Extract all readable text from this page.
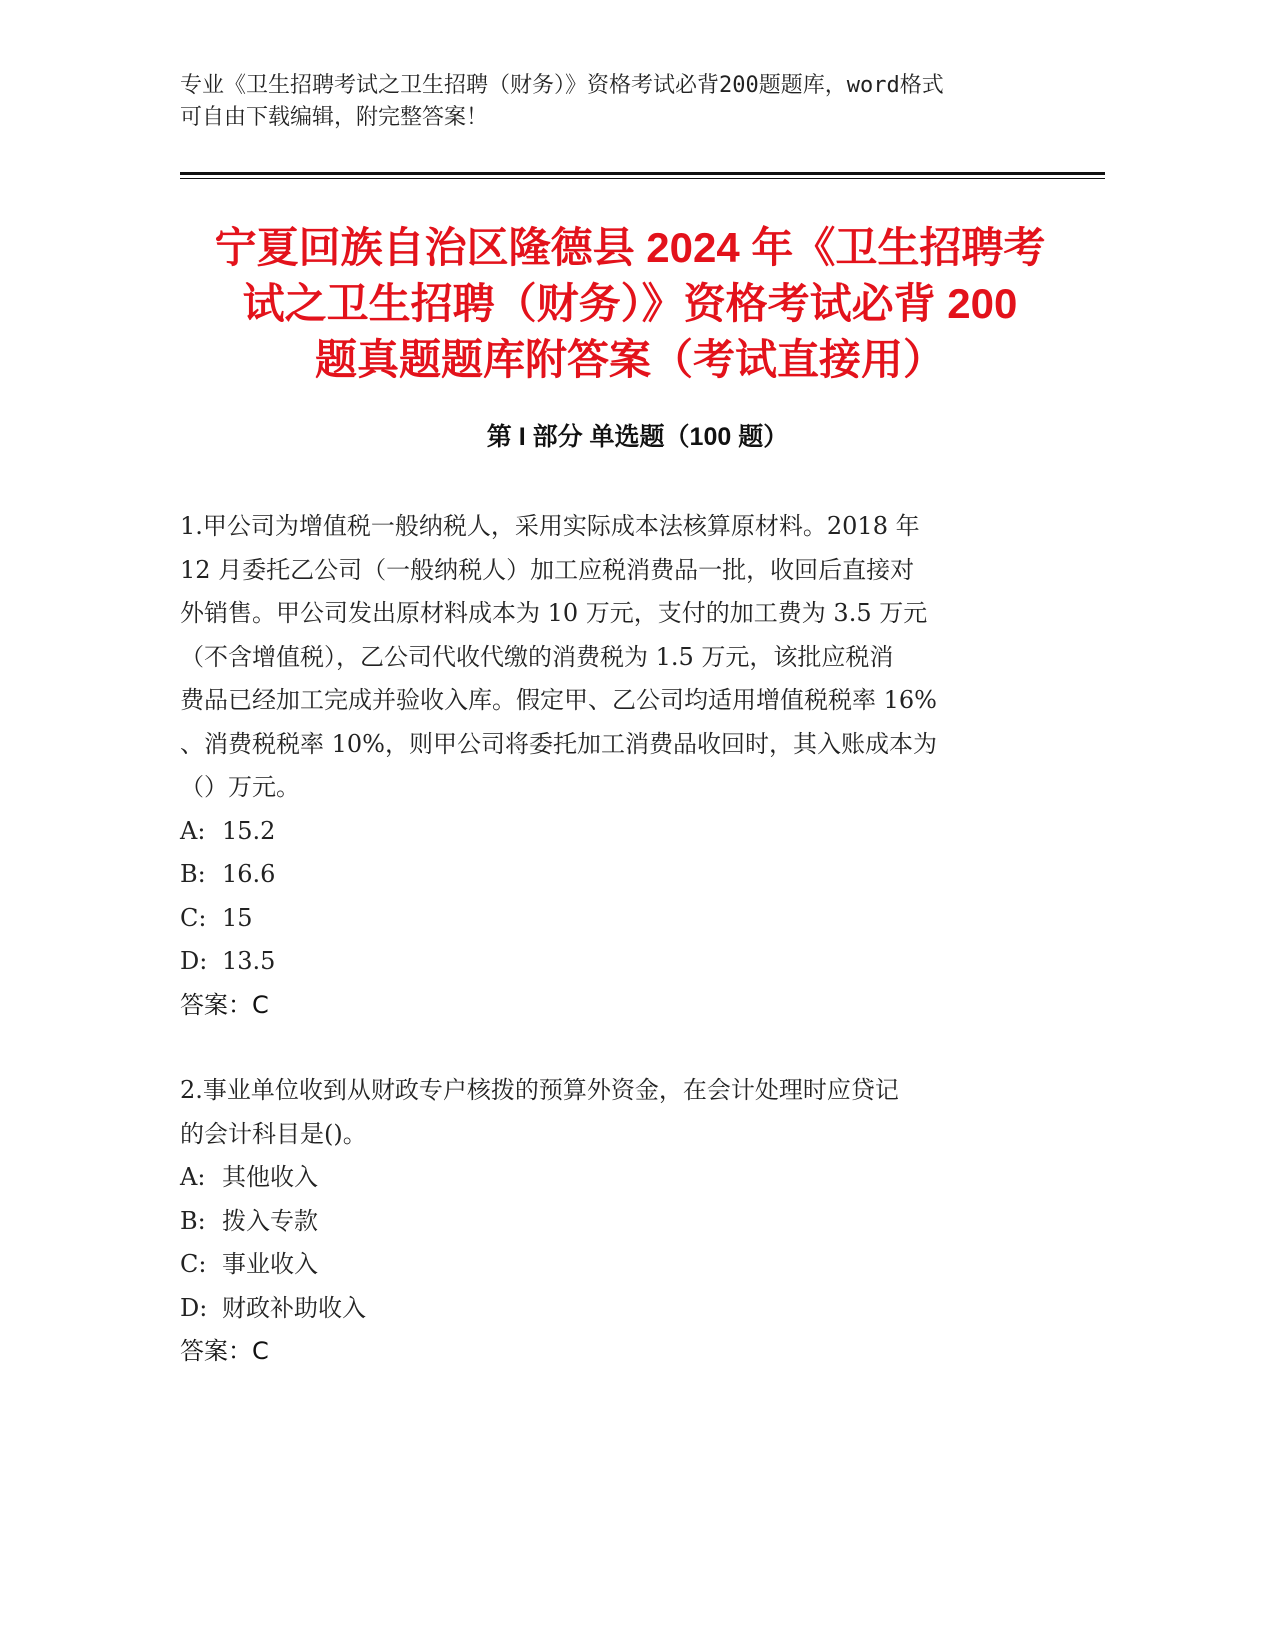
专业《卫生招聘考试之卫生招聘（财务）》资格考试必背200题题库，word格式
可自由下载编辑，附完整答案！
宁夏回族自治区隆德县 2024 年《卫生招聘考
试之卫生招聘（财务）》资格考试必背 200
题真题题库附答案（考试直接用）
第 I 部分 单选题（100 题）
1.甲公司为增值税一般纳税人，采用实际成本法核算原材料。2018 年
12 月委托乙公司（一般纳税人）加工应税消费品一批，收回后直接对
外销售。甲公司发出原材料成本为 10 万元，支付的加工费为 3.5 万元
（不含增值税），乙公司代收代缴的消费税为 1.5 万元，该批应税消
费品已经加工完成并验收入库。假定甲、乙公司均适用增值税税率 16%
、消费税税率 10%，则甲公司将委托加工消费品收回时，其入账成本为
（）万元。
A: 15.2
B: 16.6
C: 15
D: 13.5
答案：C
2.事业单位收到从财政专户核拨的预算外资金，在会计处理时应贷记
的会计科目是()。
A: 其他收入
B: 拨入专款
C: 事业收入
D: 财政补助收入
答案：C
